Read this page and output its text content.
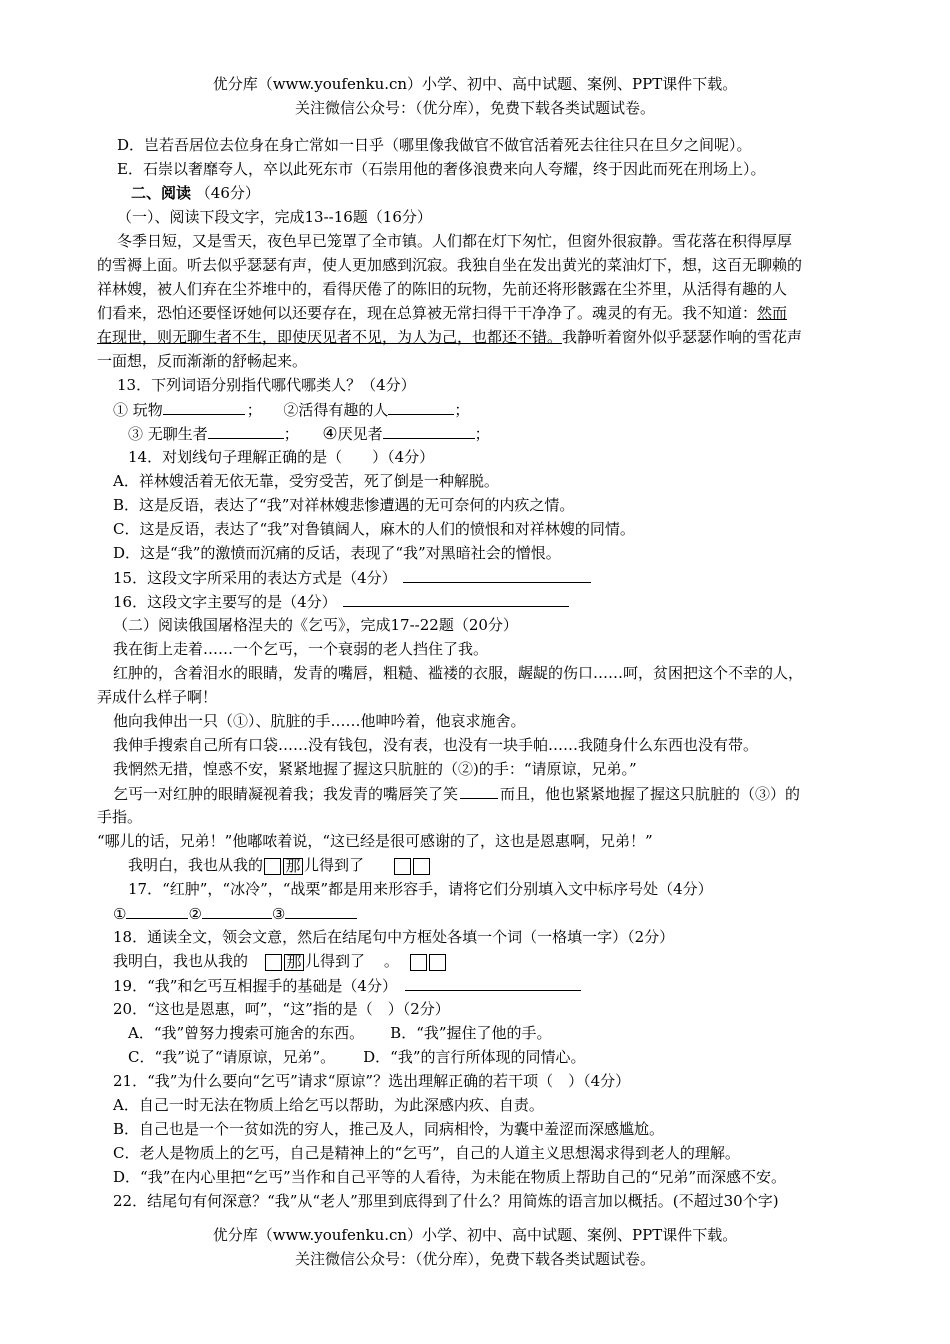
优分库（www.youfenku.cn）小学、初中、高中试题、案例、PPT课件下载。
关注微信公众号：（优分库），免费下载各类试题试卷。
D．岂若吾居位去位身在身亡常如一日乎（哪里像我做官不做官活着死去往往只在旦夕之间呢）。
E．石崇以奢靡夸人，卒以此死东市（石崇用他的奢侈浪费来向人夸耀，终于因此而死在刑场上）。
二、阅读 （46分）
（一）、阅读下段文字，完成13--16题（16分）
冬季日短，又是雪天，夜色早已笼罩了全市镇。人们都在灯下匆忙，但窗外很寂静。雪花落在积得厚厚
的雪褥上面。听去似乎瑟瑟有声，使人更加感到沉寂。我独自坐在发出黄光的菜油灯下，想，这百无聊赖的
祥林嫂，被人们弃在尘芥堆中的，看得厌倦了的陈旧的玩物，先前还将形骸露在尘芥里，从活得有趣的人
们看来，恐怕还要怪讶她何以还要存在，现在总算被无常扫得干干净净了。魂灵的有无。我不知道：然而
在现世，则无聊生者不生，即使厌见者不见，为人为己，也都还不错。我静听着窗外似乎瑟瑟作响的雪花声
一面想，反而渐渐的舒畅起来。
13．下列词语分别指代哪代哪类人？（4分）
① 玩物	； ②活得有趣的人	；
③ 无聊生者	； ④厌见者	；
14．对划线句子理解正确的是（　　）（4分）
A．祥林嫂活着无依无靠，受穷受苦，死了倒是一种解脱。
B．这是反语，表达了“我”对祥林嫂悲惨遭遇的无可奈何的内疚之情。
C．这是反语，表达了“我”对鲁镇阔人，麻木的人们的愤恨和对祥林嫂的同情。
D．这是“我”的激愤而沉痛的反话，表现了“我”对黑暗社会的憎恨。
15．这段文字所采用的表达方式是（4分）
16．这段文字主要写的是（4分）
（二）阅读俄国屠格涅夫的《乞丐》，完成17--22题（20分）
我在街上走着……一个乞丐，一个衰弱的老人挡住了我。
红肿的，含着泪水的眼睛，发青的嘴唇，粗糙、褴褛的衣服，龌龊的伤口……呵，贫困把这个不幸的人，
弄成什么样子啊！
他向我伸出一只（①）、肮脏的手……他呻吟着，他哀求施舍。
我伸手搜索自己所有口袋……没有钱包，没有表，也没有一块手帕……我随身什么东西也没有带。
我惘然无措，惶惑不安，紧紧地握了握这只肮脏的（②)的手：“请原谅，兄弟。”
乞丐一对红肿的眼睛凝视着我；我发青的嘴唇笑了笑	而且，他也紧紧地握了握这只肮脏的（③）的
手指。
“哪儿的话，兄弟！”他嘟哝着说，“这已经是很可感谢的了，这也是恩惠啊，兄弟！”
我明白，我也从我的 那 儿得到了
17．“红肿”，“冰冷”，“战栗”都是用来形容手，请将它们分别填入文中标序号处（4分）
①	②	③
18．通读全文，领会文意，然后在结尾句中方框处各填一个词（一格填一字）（2分）
我明白，我也从我的	那 儿得到了 。
19．“我”和乞丐互相握手的基础是（4分）
20．“这也是恩惠，呵”，“这”指的是（　）（2分）
A．“我”曾努力搜索可施舍的东西。 B．“我”握住了他的手。
C．“我”说了“请原谅，兄弟”。 D．“我”的言行所体现的同情心。
21．“我”为什么要向“乞丐”请求“原谅”？选出理解正确的若干项（　）（4分）
A．自己一时无法在物质上给乞丐以帮助，为此深感内疚、自责。
B．自己也是一个一贫如洗的穷人，推己及人，同病相怜，为囊中羞涩而深感尴尬。
C．老人是物质上的乞丐，自己是精神上的“乞丐”，自己的人道主义思想渴求得到老人的理解。
D．“我”在内心里把“乞丐”当作和自己平等的人看待，为未能在物质上帮助自己的“兄弟”而深感不安。
22．结尾句有何深意？“我”从“老人”那里到底得到了什么？用简炼的语言加以概括。(不超过30个字)
优分库（www.youfenku.cn）小学、初中、高中试题、案例、PPT课件下载。
关注微信公众号：（优分库），免费下载各类试题试卷。
